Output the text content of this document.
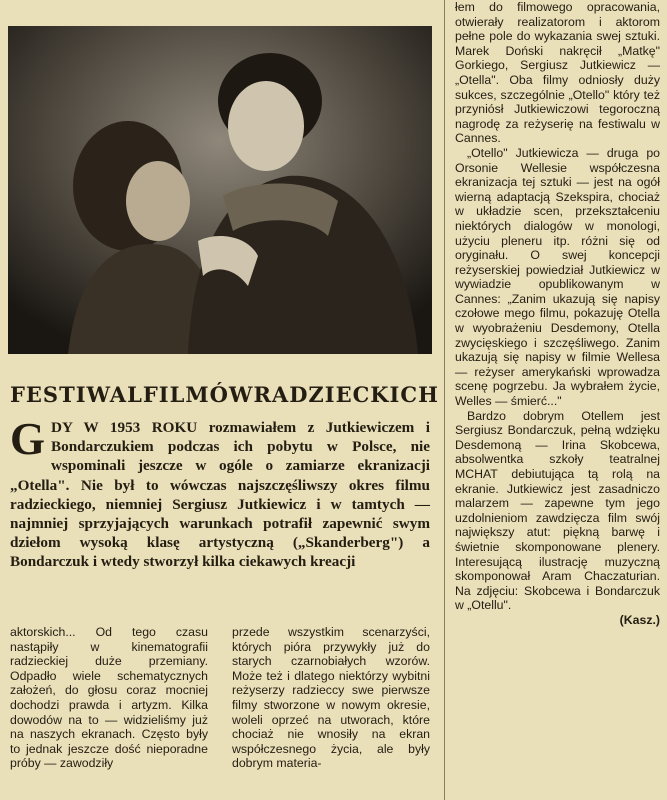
FESTIWAL FILMÓW RADZIECKICH
GDY W 1953 ROKU rozmawiałem z Jutkiewiczem i Bondarczukiem podczas ich pobytu w Polsce, nie wspominali jeszcze w ogóle o zamiarze ekranizacji „Otella". Nie był to wówczas najszczęśliwszy okres filmu radzieckiego, niemniej Sergiusz Jutkiewicz i w tamtych — najmniej sprzyjających warunkach potrafił zapewnić swym dziełom wysoką klasę artystyczną („Skanderberg") a Bondarczuk i wtedy stworzył kilka ciekawych kreacji

aktorskich... Od tego czasu nastąpiły w kinematografii radzieckiej duże przemiany. Odpadło wiele schematycznych założeń, do głosu coraz mocniej dochodzi prawda i artyzm. Kilka dowodów na to — widzieliśmy już na naszych ekranach. Często były to jednak jeszcze dość nieporadne próby — zawodziły

przede wszystkim scenarzyści, których pióra przywykły już do starych czarnobiałych wzorów. Może też i dlatego niektórzy wybitni reżyserzy radzieccy swe pierwsze filmy stworzone w nowym okresie, woleli oprzeć na utworach, które chociaż nie wnosiły na ekran współczesnego życia, ale były dobrym materia-

łem do filmowego opracowania, otwierały realizatorom i aktorom pełne pole do wykazania swej sztuki. Marek Doński nakręcił „Matkę" Gorkiego, Sergiusz Jutkiewicz — „Otella". Oba filmy odniosły duży sukces, szczególnie „Otello" który też przyniósł Jutkiewiczowi tegoroczną nagrodę za reżyserię na festiwalu w Cannes.

„Otello" Jutkiewicza — druga po Orsonie Wellesie współczesna ekranizacja tej sztuki — jest na ogół wierną adaptacją Szekspira, chociaż w układzie scen, przekształceniu niektórych dialogów w monologi, użyciu pleneru itp. różni się od oryginału. O swej koncepcji reżyserskiej powiedział Jutkiewicz w wywiadzie opublikowanym w Cannes: „Zanim ukazują się napisy czołowe mego filmu, pokazuję Otella w wyobrażeniu Desdemony, Otella zwycięskiego i szczęśliwego. Zanim ukazują się napisy w filmie Wellesa — reżyser amerykański wprowadza scenę pogrzebu. Ja wybrałem życie, Welles — śmierć..."

Bardzo dobrym Otellem jest Sergiusz Bondarczuk, pełną wdzięku Desdemoną — Irina Skobcewa, absolwentka szkoły teatralnej MCHAT debiutująca tą rolą na ekranie. Jutkiewicz jest zasadniczo malarzem — zapewne tym jego uzdolnieniom zawdzięcza film swój największy atut: piękną barwę i świetnie skomponowane plenery. Interesującą ilustrację muzyczną skomponował Aram Chaczaturian. Na zdjęciu: Skobcewa i Bondarczuk w „Otellu".

(Kasz.)
